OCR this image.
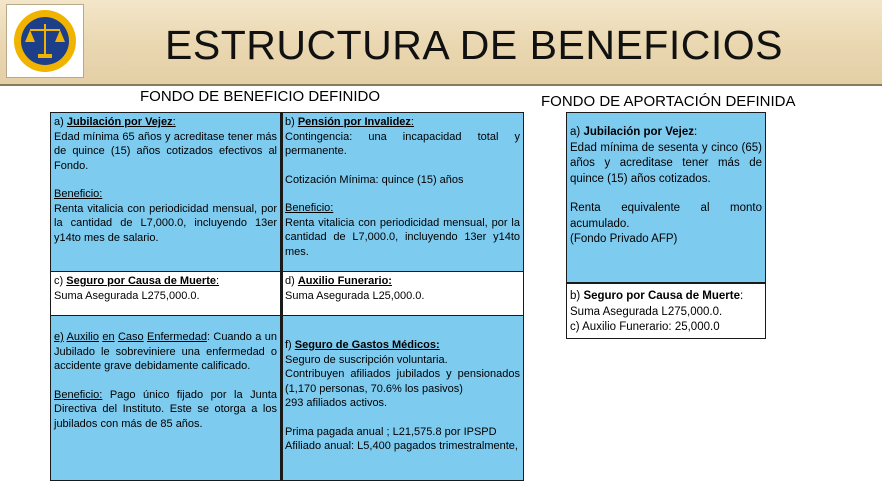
ESTRUCTURA DE BENEFICIOS
FONDO DE BENEFICIO DEFINIDO	FONDO DE APORTACIÓN DEFINIDA
a) Jubilación por Vejez:

Edad mínima 65 años y acreditase tener más de quince (15) años cotizados efectivos al Fondo.

Beneficio:

Renta vitalicia con periodicidad mensual, por la cantidad de L7,000.0, incluyendo 13er y14to mes de salario.

b) Pensión por Invalidez:

Contingencia: una incapacidad total y permanente.

Cotización Mínima: quince (15) años

Beneficio:

Renta vitalicia con periodicidad mensual, por la cantidad de L7,000.0, incluyendo 13er y14to mes.

c) Seguro por Causa de Muerte:

Suma Asegurada L275,000.0.

d) Auxilio Funerario:

Suma Asegurada L25,000.0.

e) Auxilio en Caso Enfermedad: Cuando a un Jubilado le sobreviniere una enfermedad o accidente grave debidamente calificado.

Beneficio: Pago único fijado por la Junta Directiva del Instituto. Este se otorga a los jubilados con más de 85 años.

f) Seguro de Gastos Médicos:

Seguro de suscripción voluntaria.

Contribuyen afiliados jubilados y pensionados (1,170 personas, 70.6% los pasivos)

293 afiliados activos.

Prima pagada anual ; L21,575.8 por IPSPD

Afiliado anual: L5,400 pagados trimestralmente,

a) Jubilación por Vejez:

Edad mínima de sesenta y cinco (65) años y acreditase tener más de quince (15) años cotizados.

Renta equivalente al monto acumulado.

(Fondo Privado AFP)

b) Seguro por Causa de Muerte:

Suma Asegurada L275,000.0.

c) Auxilio Funerario: 25,000.0
